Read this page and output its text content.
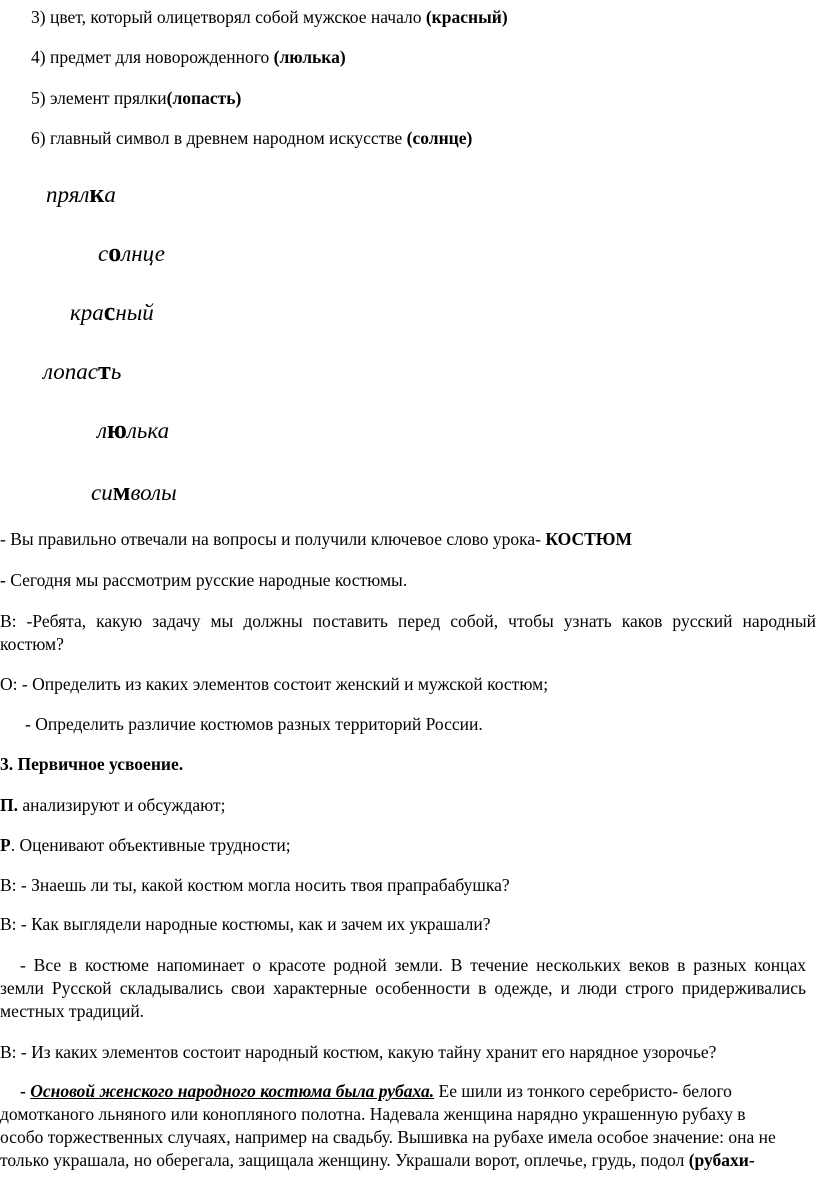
3) цвет, который олицетворял собой мужское начало (красный)
4) предмет для новорожденного (люлька)
5) элемент прялки(лопасть)
6) главный символ в древнем народном искусстве (солнце)
прялка
солнце
красный
лопасть
люлька
символы
- Вы правильно отвечали на вопросы и получили ключевое слово урока- КОСТЮМ
- Сегодня мы рассмотрим русские народные костюмы.
В: -Ребята, какую задачу мы должны поставить перед собой, чтобы узнать каков русский народный
костюм?
О: - Определить из каких элементов состоит женский и мужской костюм;
- Определить различие костюмов разных территорий России.
3. Первичное усвоение.
П. анализируют и обсуждают;
Р. Оценивают объективные трудности;
В: - Знаешь ли ты, какой костюм могла носить твоя прапрабабушка?
В: - Как выглядели народные костюмы, как и зачем их украшали?
- Все в костюме напоминает о красоте родной земли. В течение нескольких веков в разных концах
земли Русской складывались свои характерные особенности в одежде, и люди строго придерживались
местных традиций.
В: - Из каких элементов состоит народный костюм, какую тайну хранит его нарядное узорочье?
- Основой женского народного костюма была рубаха. Ее шили из тонкого серебристо- белого
домотканого льняного или конопляного полотна. Надевала женщина нарядно украшенную рубаху в
особо торжественных случаях, например на свадьбу. Вышивка на рубахе имела особое значение: она не
только украшала, но оберегала, защищала женщину. Украшали ворот, оплечье, грудь, подол (рубахи-
